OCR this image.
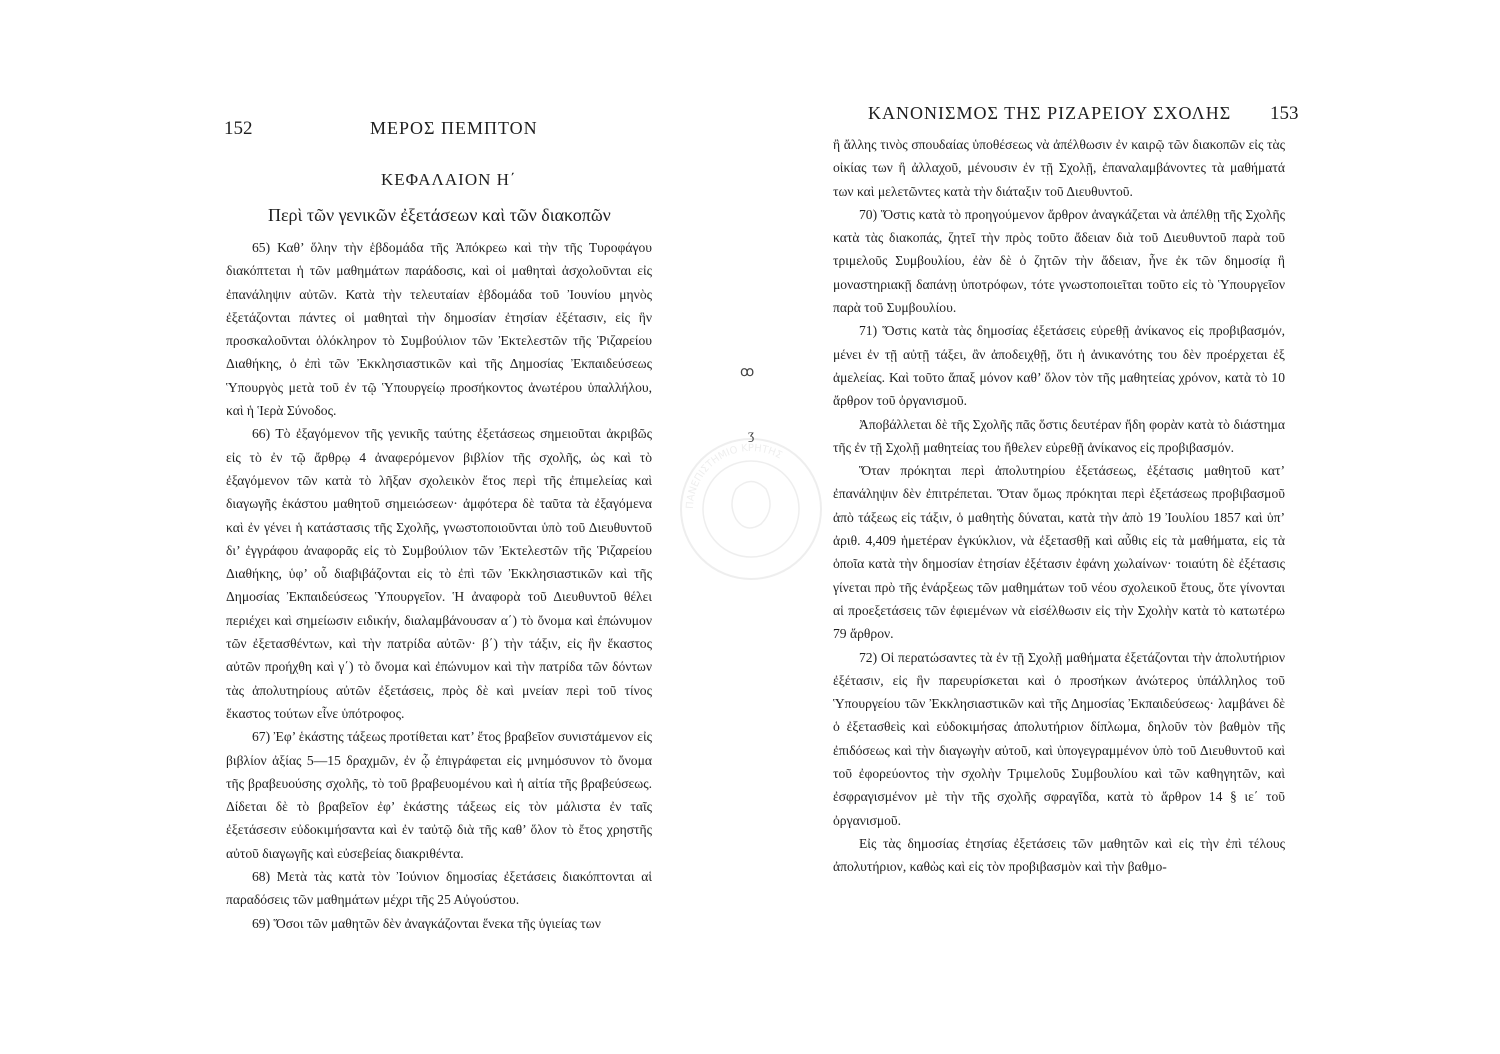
152	ΜΕΡΟΣ ΠΕΜΠΤΟΝ
ΚΕΦΑΛΑΙΟΝ Η΄
Περὶ τῶν γενικῶν ἐξετάσεων καὶ τῶν διακοπῶν

65) Καθ’ ὅλην τὴν ἑβδομάδα τῆς Ἀπόκρεω καὶ τὴν τῆς Τυροφάγου διακόπτεται ἡ τῶν μαθημάτων παράδοσις, καὶ οἱ μαθηταὶ ἀσχολοῦνται εἰς ἐπανάληψιν αὐτῶν. Κατὰ τὴν τελευταίαν ἑβδομάδα τοῦ Ἰουνίου μηνὸς ἐξετάζονται πάντες οἱ μαθηταὶ τὴν δημοσίαν ἐτησίαν ἐξέτασιν, εἰς ἣν προσκαλοῦνται ὁλόκληρον τὸ Συμβούλιον τῶν Ἐκτελεστῶν τῆς Ῥιζαρείου Διαθήκης, ὁ ἐπὶ τῶν Ἐκκλησιαστικῶν καὶ τῆς Δημοσίας Ἐκπαιδεύσεως Ὑπουργὸς μετὰ τοῦ ἐν τῷ Ὑπουργείῳ προσήκοντος ἀνωτέρου ὑπαλλήλου, καὶ ἡ Ἱερὰ Σύνοδος.

66) Τὸ ἐξαγόμενον τῆς γενικῆς ταύτης ἐξετάσεως σημειοῦται ἀκριβῶς εἰς τὸ ἐν τῷ ἄρθρῳ 4 ἀναφερόμενον βιβλίον τῆς σχολῆς, ὡς καὶ τὸ ἐξαγόμενον τῶν κατὰ τὸ λῆξαν σχολεικὸν ἔτος περὶ τῆς ἐπιμελείας καὶ διαγωγῆς ἑκάστου μαθητοῦ σημειώσεων· ἀμφότερα δὲ ταῦτα τὰ ἐξαγόμενα καὶ ἐν γένει ἡ κατάστασις τῆς Σχολῆς, γνωστοποιοῦνται ὑπὸ τοῦ Διευθυντοῦ δι’ ἐγγράφου ἀναφορᾶς εἰς τὸ Συμβούλιον τῶν Ἐκτελεστῶν τῆς Ῥιζαρείου Διαθήκης, ὑφ’ οὗ διαβιβάζονται εἰς τὸ ἐπὶ τῶν Ἐκκλησιαστικῶν καὶ τῆς Δημοσίας Ἐκπαιδεύσεως Ὑπουργεῖον. Ἡ ἀναφορὰ τοῦ Διευθυντοῦ θέλει περιέχει καὶ σημείωσιν ειδικήν, διαλαμβάνουσαν α΄) τὸ ὄνομα καὶ ἐπώνυμον τῶν ἐξετασθέντων, καὶ τὴν πατρίδα αὐτῶν· β΄) τὴν τάξιν, εἰς ἣν ἕκαστος αὐτῶν προήχθη καὶ γ΄) τὸ ὄνομα καὶ ἐπώνυμον καὶ τὴν πατρίδα τῶν δόντων τὰς ἀπολυτηρίους αὐτῶν ἐξετάσεις, πρὸς δὲ καὶ μνείαν περὶ τοῦ τίνος ἕκαστος τούτων εἶνε ὑπότροφος.

67) Ἐφ’ ἑκάστης τάξεως προτίθεται κατ’ ἔτος βραβεῖον συνιστάμενον εἰς βιβλίον ἀξίας 5—15 δραχμῶν, ἐν ᾧ ἐπιγράφεται εἰς μνημόσυνον τὸ ὄνομα τῆς βραβευούσης σχολῆς, τὸ τοῦ βραβευομένου καὶ ἡ αἰτία τῆς βραβεύσεως. Δίδεται δὲ τὸ βραβεῖον ἐφ’ ἑκάστης τάξεως εἰς τὸν μάλιστα ἐν ταῖς ἐξετάσεσιν εὐδοκιμήσαντα καὶ ἐν ταὐτῷ διὰ τῆς καθ’ ὅλον τὸ ἔτος χρηστῆς αὐτοῦ διαγωγῆς καὶ εὐσεβείας διακριθέντα.

68) Μετὰ τὰς κατὰ τὸν Ἰούνιον δημοσίας ἐξετάσεις διακόπτονται αἱ παραδόσεις τῶν μαθημάτων μέχρι τῆς 25 Αὐγούστου.

69) Ὅσοι τῶν μαθητῶν δὲν ἀναγκάζονται ἕνεκα τῆς ὑγιείας των

ꝏ
ʒ
ΠΑΝΕΠΙΣΤΗΜΙΟ ΚΡΗΤΗΣ
ΚΑΝΟΝΙΣΜΟΣ ΤΗΣ ΡΙΖΑΡΕΙΟΥ ΣΧΟΛΗΣ 153

ἢ ἄλλης τινὸς σπουδαίας ὑποθέσεως νὰ ἀπέλθωσιν ἐν καιρῷ τῶν διακοπῶν εἰς τὰς οἰκίας των ἢ ἀλλαχοῦ, μένουσιν ἐν τῇ Σχολῇ, ἐπαναλαμβάνοντες τὰ μαθήματά των καὶ μελετῶντες κατὰ τὴν διάταξιν τοῦ Διευθυντοῦ.

70) Ὅστις κατὰ τὸ προηγούμενον ἄρθρον ἀναγκάζεται νὰ ἀπέλθῃ τῆς Σχολῆς κατὰ τὰς διακοπάς, ζητεῖ τὴν πρὸς τοῦτο ἄδειαν διὰ τοῦ Διευθυντοῦ παρὰ τοῦ τριμελοῦς Συμβουλίου, ἐὰν δὲ ὁ ζητῶν τὴν ἄδειαν, ἦνε ἐκ τῶν δημοσίᾳ ἢ μοναστηριακῇ δαπάνῃ ὑποτρόφων, τότε γνωστοποιεῖται τοῦτο εἰς τὸ Ὑπουργεῖον παρὰ τοῦ Συμβουλίου.

71) Ὅστις κατὰ τὰς δημοσίας ἐξετάσεις εὑρεθῇ ἀνίκανος εἰς προβιβασμόν, μένει ἐν τῇ αὐτῇ τάξει, ἂν ἀποδειχθῇ, ὅτι ἡ ἀνικανότης του δὲν προέρχεται ἐξ ἀμελείας. Καὶ τοῦτο ἅπαξ μόνον καθ’ ὅλον τὸν τῆς μαθητείας χρόνον, κατὰ τὸ 10 ἄρθρον τοῦ ὀργανισμοῦ.

Ἀποβάλλεται δὲ τῆς Σχολῆς πᾶς ὅστις δευτέραν ἤδη φορὰν κατὰ τὸ διάστημα τῆς ἐν τῇ Σχολῇ μαθητείας του ἤθελεν εὑρεθῇ ἀνίκανος εἰς προβιβασμόν.

Ὅταν πρόκηται περὶ ἀπολυτηρίου ἐξετάσεως, ἐξέτασις μαθητοῦ κατ’ ἐπανάληψιν δὲν ἐπιτρέπεται. Ὅταν ὅμως πρόκηται περὶ ἐξετάσεως προβιβασμοῦ ἀπὸ τάξεως εἰς τάξιν, ὁ μαθητὴς δύναται, κατὰ τὴν ἀπὸ 19 Ἰουλίου 1857 καὶ ὑπ’ ἀριθ. 4,409 ἡμετέραν ἐγκύκλιον, νὰ ἐξετασθῇ καὶ αὖθις εἰς τὰ μαθήματα, εἰς τὰ ὁποῖα κατὰ τὴν δημοσίαν ἐτησίαν ἐξέτασιν ἐφάνη χωλαίνων· τοιαύτη δὲ ἐξέτασις γίνεται πρὸ τῆς ἐνάρξεως τῶν μαθημάτων τοῦ νέου σχολεικοῦ ἔτους, ὅτε γίνονται αἱ προεξετάσεις τῶν ἐφιεμένων νὰ εἰσέλθωσιν εἰς τὴν Σχολὴν κατὰ τὸ κατωτέρω 79 ἄρθρον.

72) Οἱ περατώσαντες τὰ ἐν τῇ Σχολῇ μαθήματα ἐξετάζονται τὴν ἀπολυτήριον ἐξέτασιν, εἰς ἣν παρευρίσκεται καὶ ὁ προσήκων ἀνώτερος ὑπάλληλος τοῦ Ὑπουργείου τῶν Ἐκκλησιαστικῶν καὶ τῆς Δημοσίας Ἐκπαιδεύσεως· λαμβάνει δὲ ὁ ἐξετασθεὶς καὶ εὐδοκιμήσας ἀπολυτήριον δίπλωμα, δηλοῦν τὸν βαθμὸν τῆς ἐπιδόσεως καὶ τὴν διαγωγὴν αὐτοῦ, καὶ ὑπογεγραμμένον ὑπὸ τοῦ Διευθυντοῦ καὶ τοῦ ἐφορεύοντος τὴν σχολὴν Τριμελοῦς Συμβουλίου καὶ τῶν καθηγητῶν, καὶ ἐσφραγισμένον μὲ τὴν τῆς σχολῆς σφραγῖδα, κατὰ τὸ ἄρθρον 14 § ιε΄ τοῦ ὀργανισμοῦ.

Εἰς τὰς δημοσίας ἐτησίας ἐξετάσεις τῶν μαθητῶν καὶ εἰς τὴν ἐπὶ τέλους ἀπολυτήριον, καθὼς καὶ εἰς τὸν προβιβασμὸν καὶ τὴν βαθμο-
